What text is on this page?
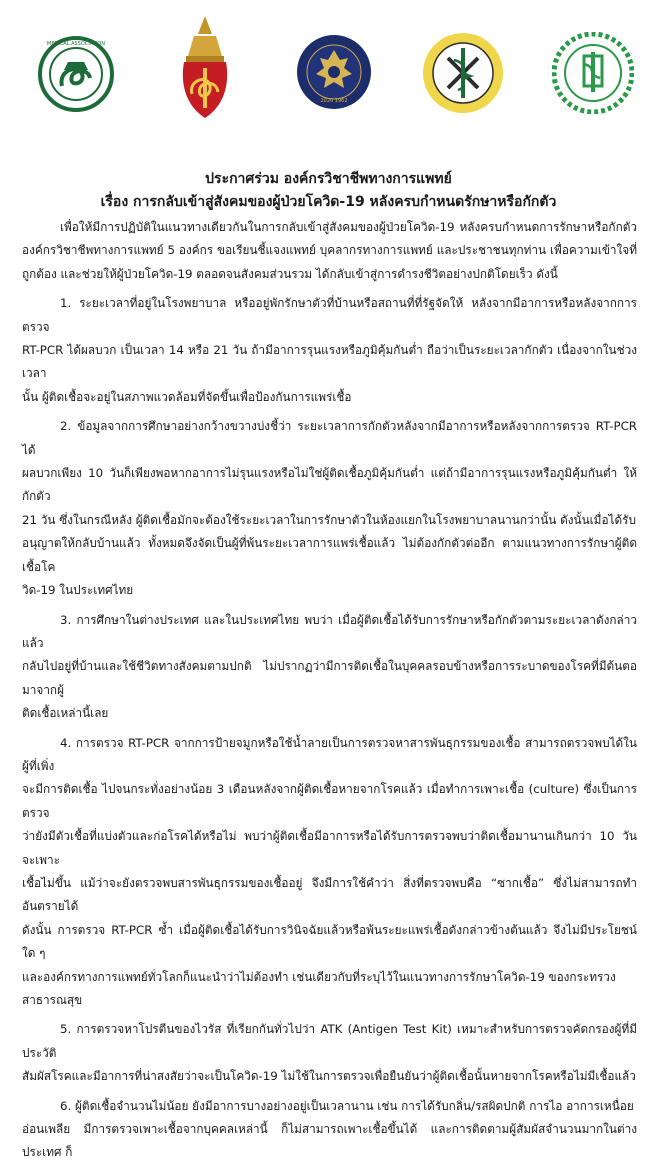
MEDICAL ASSOCIATION
2020 1962
ประกาศร่วม องค์กรวิชาชีพทางการแพทย์
เรื่อง การกลับเข้าสู่สังคมของผู้ป่วยโควิด-19 หลังครบกำหนดรักษาหรือกักตัว

เพื่อให้มีการปฏิบัติในแนวทางเดียวกันในการกลับเข้าสู่สังคมของผู้ป่วยโควิด-19 หลังครบกำหนดการรักษาหรือกักตัว องค์กรวิชาชีพทางการแพทย์ 5 องค์กร ขอเรียนชี้แจงแพทย์ บุคลากรทางการแพทย์ และประชาชนทุกท่าน เพื่อความเข้าใจที่ถูกต้อง และช่วยให้ผู้ป่วยโควิด-19 ตลอดจนสังคมส่วนรวม ได้กลับเข้าสู่การดำรงชีวิตอย่างปกติโดยเร็ว ดังนี้

1. ระยะเวลาที่อยู่ในโรงพยาบาล หรืออยู่พักรักษาตัวที่บ้านหรือสถานที่ที่รัฐจัดให้ หลังจากมีอาการหรือหลังจากการตรวจ
RT-PCR ได้ผลบวก เป็นเวลา 14 หรือ 21 วัน ถ้ามีอาการรุนแรงหรือภูมิคุ้มกันต่ำ ถือว่าเป็นระยะเวลากักตัว เนื่องจากในช่วงเวลา
นั้น ผู้ติดเชื้อจะอยู่ในสภาพแวดล้อมที่จัดขึ้นเพื่อป้องกันการแพร่เชื้อ

2. ข้อมูลจากการศึกษาอย่างกว้างขวางบ่งชี้ว่า ระยะเวลาการกักตัวหลังจากมีอาการหรือหลังจากการตรวจ RT-PCR ได้
ผลบวกเพียง 10 วันก็เพียงพอหากอาการไม่รุนแรงหรือไม่ใช่ผู้ติดเชื้อภูมิคุ้มกันต่ำ แต่ถ้ามีอาการรุนแรงหรือภูมิคุ้มกันต่ำ ให้กักตัว
21 วัน ซึ่งในกรณีหลัง ผู้ติดเชื้อมักจะต้องใช้ระยะเวลาในการรักษาตัวในห้องแยกในโรงพยาบาลนานกว่านั้น ดังนั้นเมื่อได้รับ
อนุญาตให้กลับบ้านแล้ว ทั้งหมดจึงจัดเป็นผู้ที่พ้นระยะเวลาการแพร่เชื้อแล้ว ไม่ต้องกักตัวต่ออีก ตามแนวทางการรักษาผู้ติดเชื้อโค
วิด-19 ในประเทศไทย

3. การศึกษาในต่างประเทศ และในประเทศไทย พบว่า เมื่อผู้ติดเชื้อได้รับการรักษาหรือกักตัวตามระยะเวลาดังกล่าวแล้ว
กลับไปอยู่ที่บ้านและใช้ชีวิตทางสังคมตามปกติ ไม่ปรากฏว่ามีการติดเชื้อในบุคคลรอบข้างหรือการระบาดของโรคที่มีต้นตอมาจากผู้
ติดเชื้อเหล่านี้เลย

4. การตรวจ RT-PCR จากการป้ายจมูกหรือใช้น้ำลายเป็นการตรวจหาสารพันธุกรรมของเชื้อ สามารถตรวจพบได้ในผู้ที่เพิ่ง
จะมีการติดเชื้อ ไปจนกระทั่งอย่างน้อย 3 เดือนหลังจากผู้ติดเชื้อหายจากโรคแล้ว เมื่อทำการเพาะเชื้อ (culture) ซึ่งเป็นการตรวจ
ว่ายังมีตัวเชื้อที่แบ่งตัวและก่อโรคได้หรือไม่ พบว่าผู้ติดเชื้อมีอาการหรือได้รับการตรวจพบว่าติดเชื้อมานานเกินกว่า 10 วัน จะเพาะ
เชื้อไม่ขึ้น แม้ว่าจะยังตรวจพบสารพันธุกรรมของเชื้ออยู่ จึงมีการใช้คำว่า สิ่งที่ตรวจพบคือ “ซากเชื้อ” ซึ่งไม่สามารถทำอันตรายได้
ดังนั้น การตรวจ RT-PCR ซ้ำ เมื่อผู้ติดเชื้อได้รับการวินิจฉัยแล้วหรือพ้นระยะแพร่เชื้อดังกล่าวข้างต้นแล้ว จึงไม่มีประโยชน์ใด ๆ
และองค์กรทางการแพทย์ทั่วโลกก็แนะนำว่าไม่ต้องทำ เช่นเดียวกับที่ระบุไว้ในแนวทางการรักษาโควิด-19 ของกระทรวง
สาธารณสุข

5. การตรวจหาโปรตีนของไวรัส ที่เรียกกันทั่วไปว่า ATK (Antigen Test Kit) เหมาะสำหรับการตรวจคัดกรองผู้ที่มีประวัติ
สัมผัสโรคและมีอาการที่น่าสงสัยว่าจะเป็นโควิด-19 ไม่ใช้ในการตรวจเพื่อยืนยันว่าผู้ติดเชื้อนั้นหายจากโรคหรือไม่มีเชื้อแล้ว

6. ผู้ติดเชื้อจำนวนไม่น้อย ยังมีอาการบางอย่างอยู่เป็นเวลานาน เช่น การได้รับกลิ่น/รสผิดปกติ การไอ อาการเหนื่อย
อ่อนเพลีย มีการตรวจเพาะเชื้อจากบุคคลเหล่านี้ ก็ไม่สามารถเพาะเชื้อขึ้นได้ และการติดตามผู้สัมผัสจำนวนมากในต่างประเทศ ก็
